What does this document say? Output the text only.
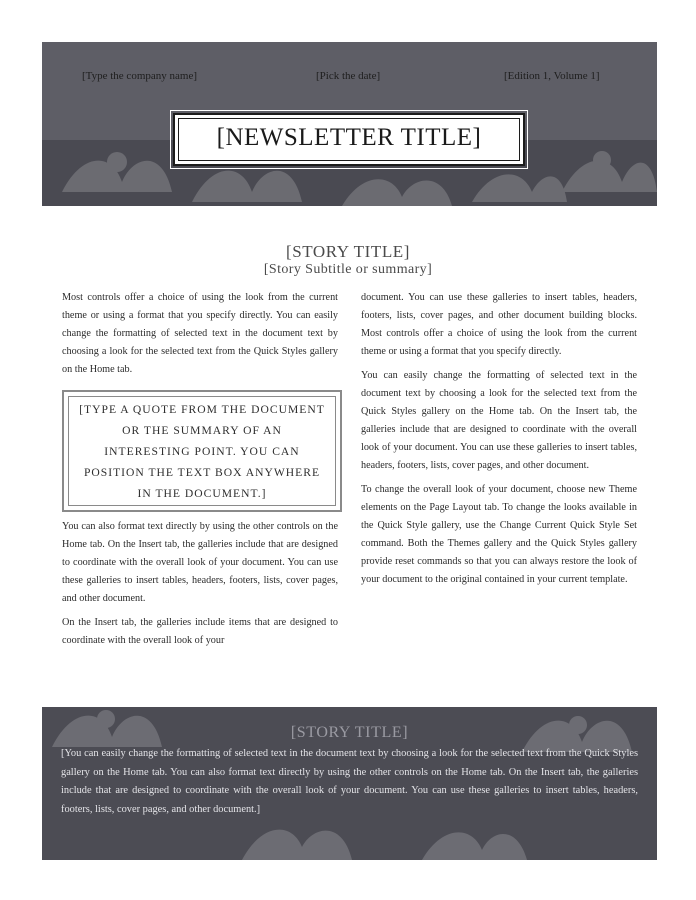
[Type the company name]	[Pick the date]	[Edition 1, Volume 1]
[NEWSLETTER TITLE]
[STORY TITLE]
[Story Subtitle or summary]

Most controls offer a choice of using the look from the current theme or using a format that you specify directly. You can easily change the formatting of selected text in the document text by choosing a look for the selected text from the Quick Styles gallery on the Home tab.

[TYPE A QUOTE FROM THE DOCUMENT OR THE SUMMARY OF AN INTERESTING POINT. YOU CAN POSITION THE TEXT BOX ANYWHERE IN THE DOCUMENT.]

You can also format text directly by using the other controls on the Home tab. On the Insert tab, the galleries include that are designed to coordinate with the overall look of your document. You can use these galleries to insert tables, headers, footers, lists, cover pages, and other document.

On the Insert tab, the galleries include items that are designed to coordinate with the overall look of your

document. You can use these galleries to insert tables, headers, footers, lists, cover pages, and other document building blocks. Most controls offer a choice of using the look from the current theme or using a format that you specify directly.

You can easily change the formatting of selected text in the document text by choosing a look for the selected text from the Quick Styles gallery on the Home tab. On the Insert tab, the galleries include that are designed to coordinate with the overall look of your document. You can use these galleries to insert tables, headers, footers, lists, cover pages, and other document.

To change the overall look of your document, choose new Theme elements on the Page Layout tab. To change the looks available in the Quick Style gallery, use the Change Current Quick Style Set command. Both the Themes gallery and the Quick Styles gallery provide reset commands so that you can always restore the look of your document to the original contained in your current template.

[STORY TITLE]
[You can easily change the formatting of selected text in the document text by choosing a look for the selected text from the Quick Styles gallery on the Home tab. You can also format text directly by using the other controls on the Home tab. On the Insert tab, the galleries include that are designed to coordinate with the overall look of your document. You can use these galleries to insert tables, headers, footers, lists, cover pages, and other document.]
